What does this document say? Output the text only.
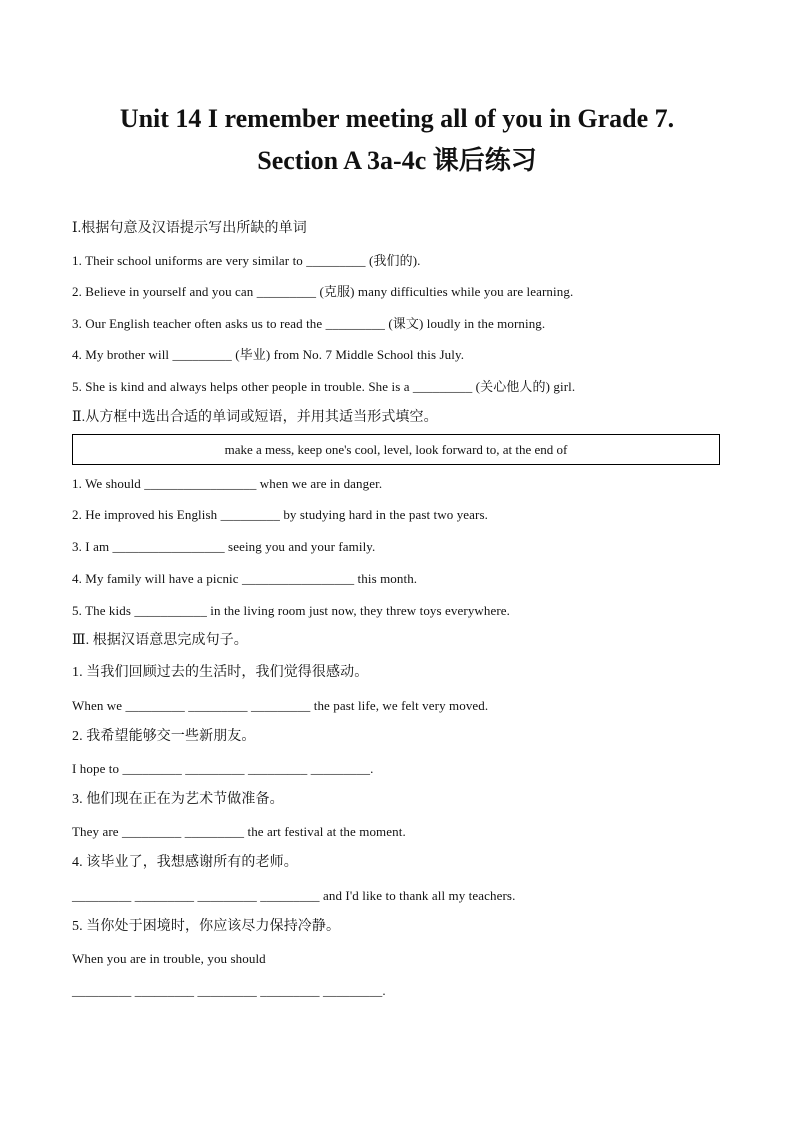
Unit 14 I remember meeting all of you in Grade 7.
Section A 3a-4c 课后练习
Ⅰ.根据句意及汉语提示写出所缺的单词
1. Their school uniforms are very similar to _________ (我们的).
2. Believe in yourself and you can _________ (克服) many difficulties while you are learning.
3. Our English teacher often asks us to read the _________ (课文) loudly in the morning.
4. My brother will _________ (毕业) from No. 7 Middle School this July.
5. She is kind and always helps other people in trouble. She is a _________ (关心他人的) girl.
Ⅱ.从方框中选出合适的单词或短语，并用其适当形式填空。
make a mess, keep one's cool, level, look forward to, at the end of
1. We should _________________ when we are in danger.
2. He improved his English _________ by studying hard in the past two years.
3. I am _________________ seeing you and your family.
4. My family will have a picnic _________________ this month.
5. The kids ___________ in the living room just now, they threw toys everywhere.
Ⅲ. 根据汉语意思完成句子。
1. 当我们回顾过去的生活时，我们觉得很感动。
When we _________ _________ _________ the past life, we felt very moved.
2. 我希望能够交一些新朋友。
I hope to _________ _________ _________ _________.
3. 他们现在正在为艺术节做准备。
They are _________ _________ the art festival at the moment.
4. 该毕业了，我想感谢所有的老师。
_________ _________ _________ _________ and I'd like to thank all my teachers.
5. 当你处于困境时，你应该尽力保持冷静。
When you are in trouble, you should
_________ _________ _________ _________ _________.
